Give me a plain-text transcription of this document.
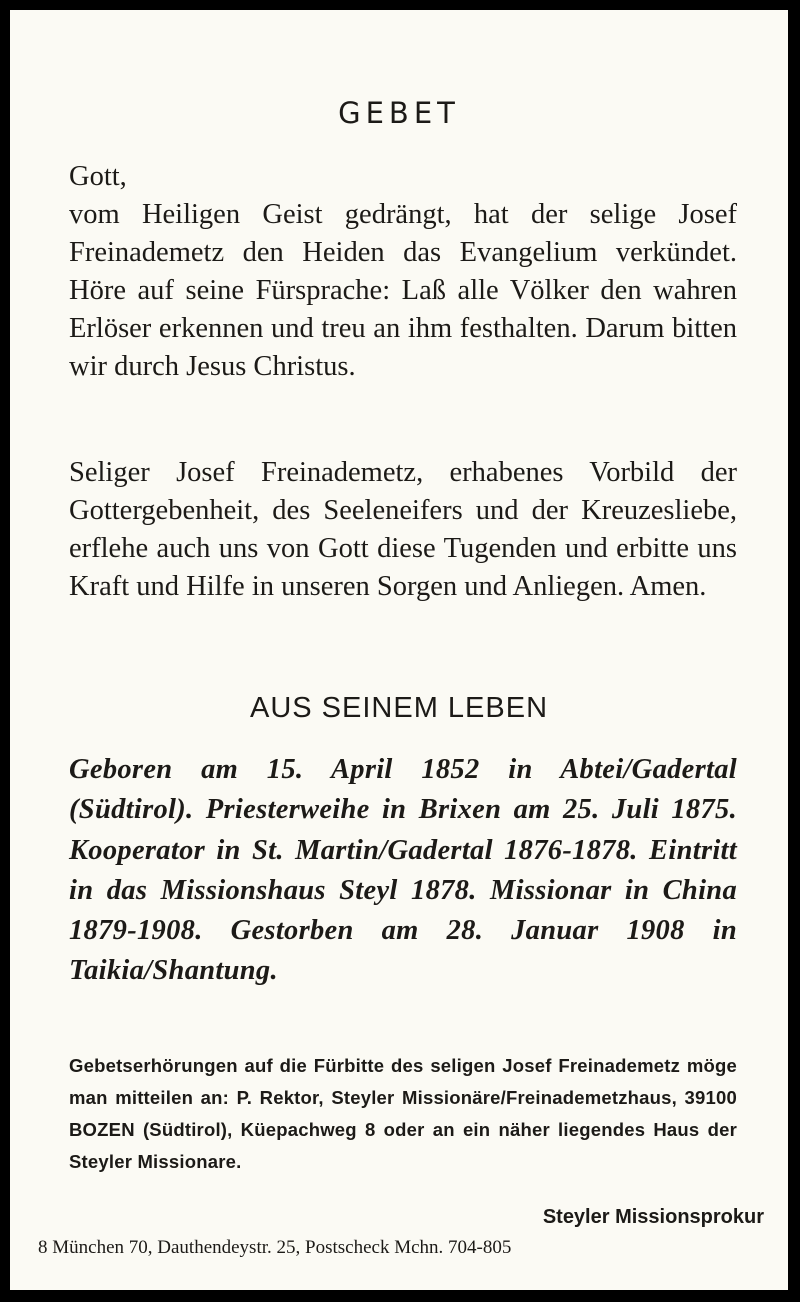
GEBET

Gott,

vom Heiligen Geist gedrängt, hat der selige Josef Freinademetz den Heiden das Evangelium verkündet. Höre auf seine Fürsprache: Laß alle Völker den wahren Erlöser erkennen und treu an ihm festhalten. Darum bitten wir durch Jesus Christus.

Seliger Josef Freinademetz, erhabenes Vorbild der Gottergebenheit, des Seeleneifers und der Kreuzesliebe, erflehe auch uns von Gott diese Tugenden und erbitte uns Kraft und Hilfe in unseren Sorgen und Anliegen. Amen.

AUS SEINEM LEBEN
Geboren am 15. April 1852 in Abtei/Gadertal (Südtirol). Priesterweihe in Brixen am 25. Juli 1875. Kooperator in St. Martin/Gadertal 1876-1878. Eintritt in das Missionshaus Steyl 1878. Missionar in China 1879-1908. Gestorben am 28. Januar 1908 in Taikia/Shantung.
Gebetserhörungen auf die Fürbitte des seligen Josef Freinademetz möge man mitteilen an: P. Rektor, Steyler Missionäre/Freinademetzhaus, 39100 BOZEN (Südtirol), Küepachweg 8 oder an ein näher liegendes Haus der Steyler Missionare.
Steyler Missionsprokur
8 München 70, Dauthendeystr. 25, Postscheck Mchn. 704-805
